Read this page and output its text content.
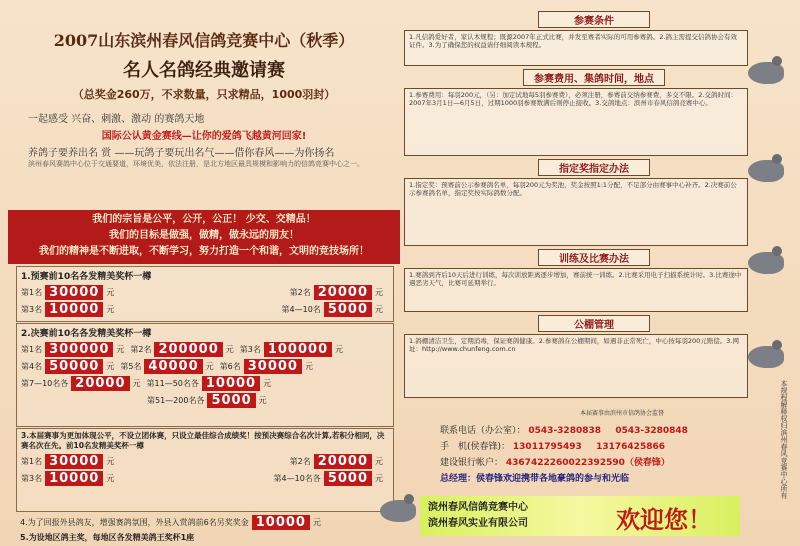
2007山东滨州春风信鸽竞赛中心（秋季）
名人名鸽经典邀请赛
（总奖金260万，不求数量，只求精品，1000羽封）
一起感受 兴奋、刺激、激动 的赛鸽天地
国际公认黄金赛线—让你的爱鸽飞越黄河回家!
养鸽子要养出名 赏 ——玩鸽子要玩出名气——借你春风——为你扬名
滨州春风赛鸽中心位于交通要道，环境优美，依法注册，是北方地区最具规模和影响力的信鸽竞赛中心之一。
我们的宗旨是公平，公开，公正！ 少交、交精品！
我们的目标是做强，做精，做永远的朋友！
我们的精神是不断进取，不断学习，努力打造一个和谐，文明的竞技场所！
1.预赛前10名各发精美奖杯一樽
第1名 30000 元	第2名 20000 元
第3名 10000 元	第4—10名 5000 元
2.决赛前10名各发精美奖杯一樽
第1名 300000 元 第2名 200000 元 第3名 100000 元
第4名 50000 元 第5名 40000 元 第6名 30000 元
第7—10名各 20000 元 第11—50名各 10000 元
第51—200名各 5000 元
3.本届赛事为更加体现公平，不设立团体赛，只设立最佳综合成绩奖！按预决赛综合名次计算,若积分相同，决赛名次在先。前10名发精美奖杯一樽
第1名 30000 元	第2名 20000 元
第3名 10000 元	第4—10名各 5000 元
4.为了回报外县鸽友，增强赛鸽氛围，外县入赏鸽前6名另奖奖金 10000 元
5.为设地区鸽主奖，每地区各发精美鸽王奖杯1座
参赛条件
1.凡信鸽爱好者，家认本规程；既源2007年正式比赛，并发至赛者实际的可用参赛鸽。2.鸽主需提交信鸽协会有效证件。3.为了确保您的权益请仔细阅读本规程。
参赛费用、集鸽时间，地点
1.参赛费用：每羽200元，（另：加定试地每5羽参赛费），必须注册，参赛前交纳参赛费，多交不限。2.交鸽时间：2007年3月1日—6月5日，过期1000羽参赛数满后则停止接收。3.交鸽地点：滨州市春风信鸽竞赛中心。
指定奖指定办法
1.指定奖：预赛前公示参赛鸽名单，每羽200元为奖池，奖金按照1:1分配，不足部分由赛事中心补齐。2.决赛前公示参赛鸽名单，指定奖按实际鸽数分配。
训练及比赛办法
1.赛鸽到齐后10天后进行训练，每次训放距离逐步增加，赛前统一训练。2.比赛采用电子扫描系统计时。3.比赛途中遇恶劣天气，比赛可延期举行。
公棚管理
1.鸽棚清洁卫生，定期消毒，保证赛鸽健康。2.参赛鸽在公棚期间，如遇非正常死亡，中心按每羽200元赔偿。3.网址：http://www.chunfeng.com.cn
本届赛事由滨州市信鸽协会监督
联系电话（办公室）： 0543-3280838 0543-3280848
手　机(侯春锋)： 13011795493 13176425866
建设银行帐户： 4367422260022392590（侯春锋）
总经理：侯春锋欢迎携带各地豪鸽的参与和光临
滨州春风信鸽竞赛中心
滨州春风实业有限公司	欢迎您！
本规程解释权归滨州春风竞赛中心所有
